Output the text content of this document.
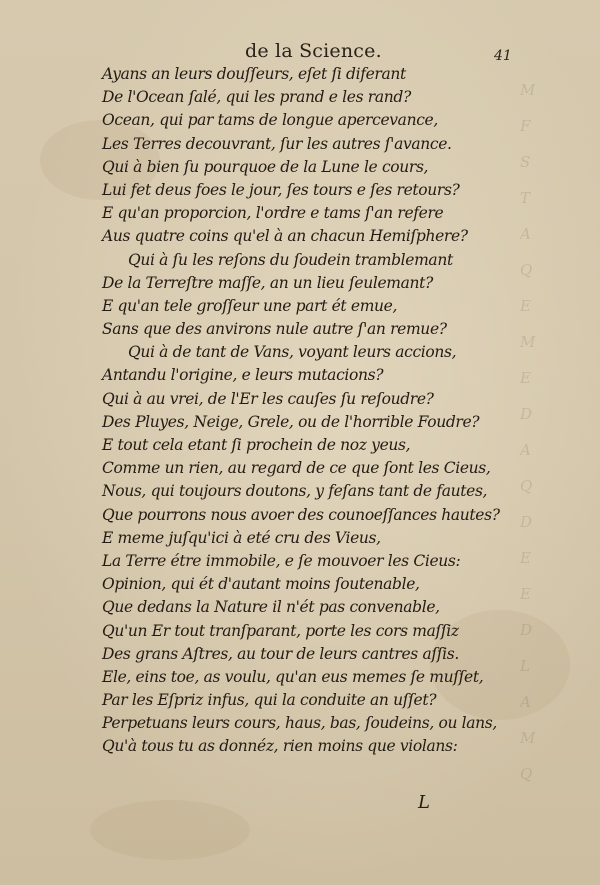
M
F
S
T
A
Q
E
M
E
D
A
Q
D
E
E
D
L
A
M
Q
de la Science.	41
Ayans an leurs douſſeurs, eſet ſi diferant
De l'Ocean ſalé, qui les prand e les rand?
Ocean, qui par tams de longue apercevance,
Les Terres decouvrant, ſur les autres ſ'avance.
Qui à bien ſu pourquoe de la Lune le cours,
Lui fet deus foes le jour, ſes tours e ſes retours?
E qu'an proporcion, l'ordre e tams ſ'an refere
Aus quatre coins qu'el à an chacun Hemiſphere?
Qui à ſu les reſons du ſoudein tramblemant
De la Terreſtre maſſe, an un lieu ſeulemant?
E qu'an tele groſſeur une part ét emue,
Sans que des anvirons nule autre ſ'an remue?
Qui à de tant de Vans, voyant leurs accions,
Antandu l'origine, e leurs mutacions?
Qui à au vrei, de l'Er les cauſes ſu reſoudre?
Des Pluyes, Neige, Grele, ou de l'horrible Foudre?
E tout cela etant ſi prochein de noz yeus,
Comme un rien, au regard de ce que ſont les Cieus,
Nous, qui toujours doutons, y feſans tant de fautes,
Que pourrons nous avoer des counoeſſances hautes?
E meme juſqu'ici à eté cru des Vieus,
La Terre étre immobile, e ſe mouvoer les Cieus:
Opinion, qui ét d'autant moins ſoutenable,
Que dedans la Nature il n'ét pas convenable,
Qu'un Er tout tranſparant, porte les cors maſſiz
Des grans Aſtres, au tour de leurs cantres aſſis.
Ele, eins toe, as voulu, qu'an eus memes ſe muſſet,
Par les Eſpriz infus, qui la conduite an uſſet?
Perpetuans leurs cours, haus, bas, ſoudeins, ou lans,
Qu'à tous tu as donnéz, rien moins que violans:
L
